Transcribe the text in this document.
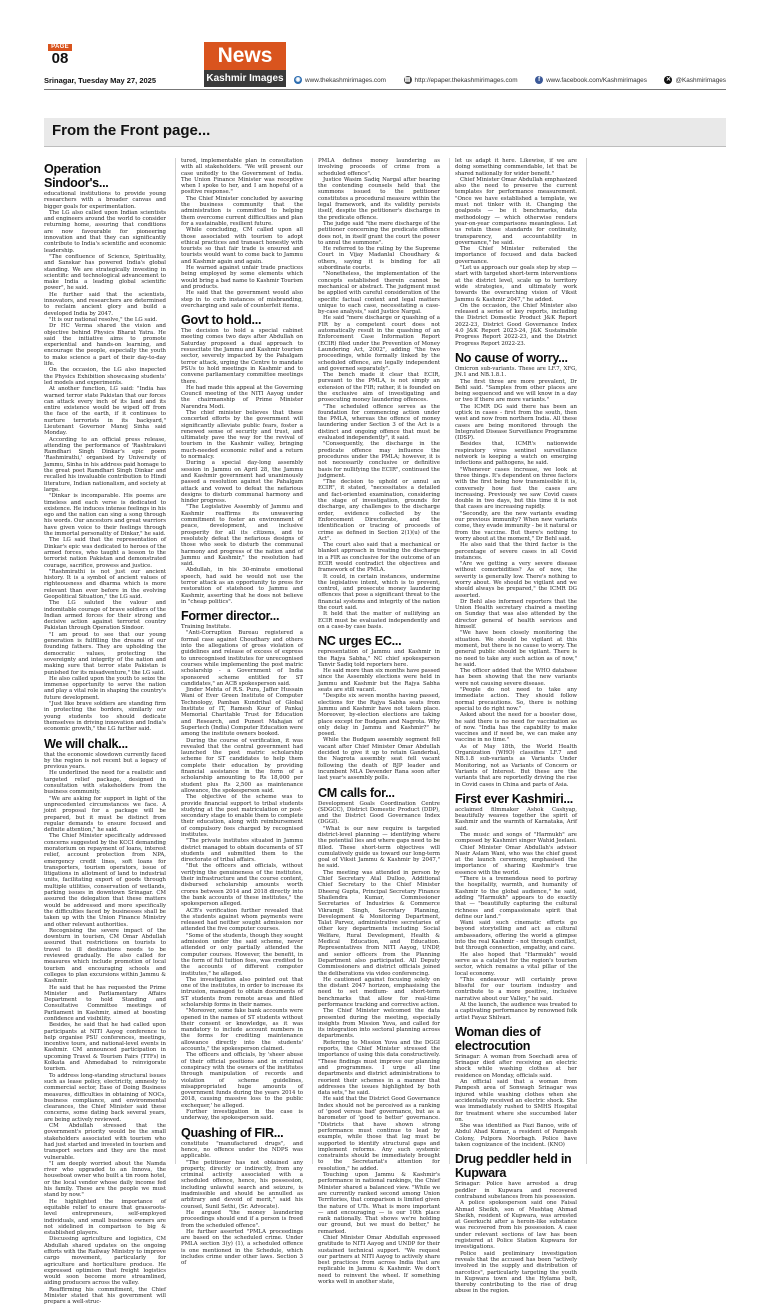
PAGE
08	News
Kashmir Images
Srinagar, Tuesday May 27, 2025	◉ www.thekashmirimages.com	▤ http://epaper.thekashmirimages.com	f www.facebook.com/Kashmirimages	✕ @Kashmirimages
From the Front page...
Operation Sindoor's...

educational institutions to provide young researchers with a broader canvas and bigger goals for experimentation.

The LG also called upon Indian scientists and engineers around the world to consider returning home, assuring that conditions are now favourable for pioneering innovation and that they can significantly contribute to India's scientific and economic leadership.

"The confluence of Science, Spirituality, and Sanskar has powered India's global standing. We are strategically investing in scientific and technological advancement to make India a leading global scientific power", he said.

He further said that the scientists, innovators, and researchers are determined to reclaim ancient glory and build a developed India by 2047.

"It is our national resolve," the LG said.

Dr HC Verma shared the vision and objective behind Physics Bharat Yatra. He said the initiative aims to promote experiential and hands-on learning, and encourage the people, especially the youth to make science a part of their day-to-day life.

On the occasion, the LG also inspected the Physics Exhibition showcasing students' led models and experiments.

At another function, LG said: "India has warned terror state Pakistan that our forces can attack every inch of its land and its entire existence would be wiped off from the face of the earth, if it continues to nurture terrorists in its backyard," Lieutenant Governor Manoj Sinha said Monday.

According to an official press release, attending the performance of 'Rashtrakavi Ramdhari Singh Dinkar's epic poem 'Rashmirathi,' organised by University of Jammu, Sinha in his address paid homage to the great poet Ramdhari Singh Dinkar and recalled his invaluable contribution to Hindi literature, Indian nationalism, and society at large.

"Dinkar is incomparable. His poems are timeless and each verse is dedicated to existence. He induces intense feelings in his ego and the nation can sing a song through his words. Our ancestors and great warriors have given voice to their feelings through the immortal personality of Dinkar," he said.

The LG said that the representation of Dinkar's epic was dedicated to heroes of the armed forces, who taught a lesson to the terrorist nation Pakistan and demonstrated courage, sacrifice, prowess and justice.

"Rashmirathi is not just our ancient history. It is a symbol of ancient values of righteousness and dharma which is more relevant than ever before in the evolving Geopolitical Situation," the LG said.

The LG saluted the valour and indomitable courage of brave soldiers of the Indian armed forces for their strong and decisive action against terrorist country Pakistan through Operation Sindoor.

"I am proud to see that our young generation is fulfilling the dreams of our founding fathers. They are upholding the democratic values, protecting the sovereignty and integrity of the nation and making sure that terror state Pakistan is punished for its misadventure," the LG said.

He also called upon the youth to seize the immense opportunity to serve the nation and play a vital role in shaping the country's future development.

"Just like brave soldiers are standing firm in protecting the borders, similarly our young students too should dedicate themselves in driving innovation and India's economic growth," the LG further said.

We will chalk...

that the economic slowdown currently faced by the region is not recent but a legacy of previous years.

He underlined the need for a realistic and targeted relief package, designed in consultation with stakeholders from the business community.

"We are asking for support in light of the unprecedented circumstances we face. A joint proposal for a package will be prepared, but it must be distinct from regular demands to ensure focused and definite attention," he said.

The Chief Minister specifically addressed concerns suggested by the KCCI demanding moratorium on repayment of loans, interest relief, account protection from NPA, emergency credit lines, soft loans for transporters, tourism operators, issue of litigations in allotment of land to industrial units, facilitating export of goods through multiple utilities, conservation of wetlands, parking issues in downtown Srinagar. CM assured the delegation that these matters would be addressed and more specifically the difficulties faced by businesses shall be taken up with the Union Finance Ministry and other relevant authorities.

Recognising the severe impact of the downturn in tourism, CM Omar Abdullah assured that restrictions on tourists to travel to ill destinations needs to be reviewed gradually. He also called for measures which include promotion of local tourism and encouraging schools and colleges to plan excursions within Jammu & Kashmir.

He said that he has requested the Prime Minister and Parliamentary Affairs Department to hold Standing and Consultative Committee meetings of Parliament in Kashmir, aimed at boosting confidence and visibility.

Besides, he said that he had called upon participants at NITI Aayog conference to help organise PSU conferences, meetings, incentive tours, and national-level events in Kashmir. CM announced participation in upcoming Travel & Tourism Fairs (TTFs) in Kolkata and Ahmedabad to reinvigorate tourism.

To address long-standing structural issues such as lease policy, electricity, amnesty to commercial sector, Ease of Doing Business measures, difficulties in obtaining of NOCs, business compliance, and environmental clearances, the Chief Minister said these concerns, some dating back several years, are being actively reviewed.

CM Abdullah stressed that the government's priority would be the small stakeholders associated with tourism who had just started and invested in tourism and transport sectors and they are the most vulnerable.

"I am deeply worried about the Namda river who upgraded to an Innova, the houseboat owner who built a tin room hotel, or the local vendor whose daily income fed his family. These are the people we must stand by now."

He highlighted the importance of equitable relief to ensure that grassroots-level entrepreneurs, self-employed individuals, and small business owners are not sidelined in comparison to big & established players.

Discussing agriculture and logistics, CM Abdullah shared updates on the ongoing efforts with the Railway Ministry to improve cargo movement, particularly for agriculture and horticulture produce. He expressed optimism that freight logistics would soon become more streamlined, aiding producers across the valley.

Reaffirming his commitment, the Chief Minister stated that his government will prepare a well-struc-

tured, implementable plan in consultation with all stakeholders. "We will present our case unitedly to the Government of India. The Union Finance Minister was receptive when I spoke to her, and I am hopeful of a positive response."

The Chief Minister concluded by assuring the business community that the administration is committed to helping them overcome current difficulties and plan for a sustainable, resilient future.

While concluding, CM called upon all those associated with tourism to adopt ethical practices and transact honestly with tourists so that fair trade is ensured and tourists would want to come back to Jammu and Kashmir again and again.

He warned against unfair trade practices being employed by some elements which would bring a bad name to Kashmir Tourism and products.

He said that the government would also step in to curb instances of misbranding, overcharging and sale of counterfeit items.

Govt to hold...

The decision to hold a special cabinet meeting comes two days after Abdullah on Saturday proposed a dual approach to resuscitate the Jammu and Kashmir tourism sector, severely impacted by the Pahalgam terror attack, urging the Centre to mandate PSUs to hold meetings in Kashmir and to convene parliamentary committee meetings there.

He had made this appeal at the Governing Council meeting of the NITI Aayog under the chairmanship of Prime Minister Narendra Modi.

The chief minister believes that these concerted efforts by the government will significantly alleviate public fears, foster a renewed sense of security and trust, and ultimately pave the way for the revival of tourism in the Kashmir valley, bringing much-needed economic relief and a return to normalcy.

During a special day-long assembly session in Jammu on April 28, the Jammu and Kashmir government had unanimously passed a resolution against the Pahalgam attack and vowed to defeat the nefarious designs to disturb communal harmony and hinder progress.

"The Legislative Assembly of Jammu and Kashmir reaffirms its unwavering commitment to foster an environment of peace, development, and inclusive prosperity for all its citizens, and to resolutely defeat the nefarious designs of those who seek to disturb the communal harmony and progress of the nation and of Jammu and Kashmir," the resolution had said.

Abdullah, in his 30-minute emotional speech, had said he would not use the terror attack as an opportunity to press for restoration of statehood to Jammu and Kashmir, asserting that he does not believe in "cheap politics".

Former director...

Training Institute.

"Anti-Corruption Bureau registered a formal case against Choudhary and others into the allegations of gross violation of guidelines and release of excess of express to unrecognised institutes for unrecognised courses while implementing the post matric scholarship - a Government of India sponsored scheme entitled for ST candidates," an ACB spokesperson said.

Jinder Mehta of R.S. Pura, Jaffer Hussain Wani of Ever Green Institute of Computer Technology, Pamban Kundrihal of Global Institute of IT, Ramesh Kour of Pankaj Memorial Charitable Trust for Education and Research, and Puneet Mahajan of Supertech (India) Computer Education were among the institute owners booked.

During the course of verification, it was revealed that the central government had launched the post matric scholarship scheme for ST candidates to help them complete their education by providing financial assistance in the form of a scholarship amounting to Rs 18,000 per student plus Rs 2,500 as maintenance allowance, the spokesperson said.

The objective of the scheme was to provide financial support to tribal students studying at the post matriculation or post-secondary stage to enable them to complete their education, along with reimbursement of compulsory fees charged by recognised institutes.

"The private institutes situated in Jammu district managed to obtain documents of ST students and submitted them to the directorate of tribal affairs.

"But the officers and officials, without verifying the genuineness of the institutes, their infrastructure and the course content, disbursed scholarship amounts worth crores between 2014 and 2018 directly into the bank accounts of these institutes," the spokesperson alleged.

ACB's verification further revealed that the students against whom payments were released had neither sought admission nor attended the five computer courses.

"Some of the students, though they sought admission under the said scheme, never attended or only partially attended the computer courses. However, the benefit, in the form of full tuition fees, was credited to the accounts of different computer institutes," he alleged.

The investigation also pointed out that one of the institutes, in order to increase its intrusion, managed to obtain documents of ST students from remote areas and filled scholarship forms in their names.

"Moreover, some fake bank accounts were opened in the names of ST students without their consent or knowledge, as it was mandatory to include account numbers in the forms for crediting maintenance allowance directly into the students' accounts," the spokesperson claimed.

The officers and officials, by 'sheer abuse of their official positions and in criminal conspiracy with the owners of the institutes through manipulation of records and violation of scheme guidelines, misappropriated huge amounts of government funds during the years 2014 to 2018, causing massive loss to the public exchequer,' he alleged.

Further investigation in the case is underway, the spokesperson said.

Quashing of FIR...

constitute "manufactured drugs", and hence, no offence under the NDPS was applicable.

"The petitioner has not obtained any property, directly or indirectly, from any criminal activity associated with a scheduled offence, hence, his possession, including unlawful search and seizure, is inadmissible and should be annulled as arbitrary and devoid of merit," said his counsel, Sunil Sethi, (Sr. Advocate).

He argued "the money laundering proceedings should end if a person is freed from the scheduled offence".

He further asserted "PMLA proceedings are based on the scheduled crime. Under PMLA section 3(y) (1), a scheduled offence is one mentioned in the Schedule, which includes crime under other laws. Section 3 of

PMLA defines money laundering as involving proceeds of crime from a scheduled offence".

Justice Wasim Sadiq Nargal after hearing the contending counsels held that the summons issued to the petitioner constitutes a procedural measure within the legal framework, and its validity persists itself, despite the petitioner's discharge in the predicate offence.

The judge said "the mere discharge of the petitioner concerning the predicate offence does not, in itself grant the court the power to annul the summons".

He referred to the ruling by the Supreme Court in Vijay Madanlal Choudhary & others, saying it is binding for all subordinate courts.

"Nonetheless, the implementation of the concepts established therein cannot be mechanical or abstract. The judgment must be applied with careful consideration of the specific factual context and legal matters unique to each case, necessitating a case-by-case analysis," said Justice Nargal.

He said "mere discharge or quashing of a FIR by a competent court does not automatically result in the quashing of an Enforcement Case Information Report (ECIR) filed under the Prevention of Money Laundering Act, 2002", adding "the two proceedings, while formally linked by the scheduled offence, are legally independent and governed separately".

The bench made it clear that ECIR, pursuant to the PMLA, is not simply an extension of the FIR; rather, it is founded on the exclusive aim of investigating and prosecuting money laundering offences.

"The scheduled offence serves as the foundation for commencing action under the PMLA, whereas the offence of money laundering under Section 3 of the Act is a distinct and ongoing offence that must be evaluated independently", it said.

"Consequently, the discharge in the predicate offence may influence the procedures under the PMLA; however, it is not necessarily conclusive or definitive basis for nullifying the ECIR", continued the judgment.

"The decision to uphold or annul an ECIR", it stated, "necessitates a detailed and fact-oriented examination, considering the stage of investigation, grounds for discharge, any challenges to the discharge order, evidence collected by the Enforcement Directorate, and the identification or tracing of proceeds of crime as defined in Section 2(1)(u) of the Act".

The court also said that a mechanical or blanket approach in treating the discharge in a FIR as conclusive for the outcome of an ECIR would contradict the objectives and framework of the PMLA.

It could, in certain instances, undermine the legislative intent, which is to prevent, control, and prosecute money laundering offences that pose a significant threat to the financial systems and integrity of the nation the court said.

It held that the matter of nullifying an ECIR must be evaluated independently and on a case-by case basis.

NC urges EC...

representation of Jammu and Kashmir in the Rajya Sabha," NC chief spokesperson Tanvir Sadiq told reporters here.

He said more than six months have passed since the Assembly elections were held in Jammu and Kashmir but the Rajya Sabha seats are still vacant.

"Despite six seven months having passed, elections for the Rajya Sabha seats from Jammu and Kashmir have not taken place. Moreover, by-election elections are taking place except for Budgam and Nagrota. Why only delay in Jammu and Kashmir?" he posed.

While the Budgam assembly segment fell vacant after Chief Minister Omar Abdullah decided to give it up to retain Ganderbal, the Nagrota assembly seat fell vacant following the death of BJP leader and incumbent MLA Devender Rana soon after last year's assembly polls.

CM calls for...

Development Goals Coordination Centre (SDGCC), District Domestic Product (DDP), and the District Good Governance Index (DGGI).

"What is our new require is targeted district-level planning — identifying where the potential lies and where gaps need to be filled. These short-term objectives will cumulatively guide us toward our long-term goal of Viksit Jammu & Kashmir by 2047," he said.

The meeting was attended in person by Chief Secretary Atal Dulloo, Additional Chief Secretary to the Chief Minister Dheeraj Gupta, Principal Secretary Finance Shailendra Kumar, Commissioner Secretaries of Industries & Commerce Vikramjit Singh, Secretary Planning, Development & Monitoring Department, Talat Parvez, administrative secretaries of other key departments including Social Welfare, Rural Development, Health & Medical Education, and Education. Representatives from NITI Aayog, UNDP, and senior officers from the Planning Department also participated. All Deputy Commissioners and district officials joined the deliberations via video conferencing.

He cautioned against focusing solely on the distant 2047 horizon, emphasising the need to set medium- and short-term benchmarks that allow for real-time performance tracking and corrective action.

The Chief Minister welcomed the data presented during the meeting, especially insights from Mission Yuva, and called for its integration into sectoral planning across departments.

Referring to Mission Yuva and the DGGI reports, the Chief Minister stressed the importance of using this data constructively. "These findings must improve our planning and programmes. I urge all line departments and district administrations to reorient their schemes in a manner that addresses the issues highlighted by both data sets," he said.

He said that the District Good Governance Index should not be perceived as a ranking of 'good versus bad' governance, but as a barometer of 'good to better' governance. "Districts that have shown strong performance must continue to lead by example, while those that lag must be supported to identify structural gaps and implement reforms. Any such systemic constraints should be immediately brought to the Secretariat's attention for resolution," he added.

Touching upon Jammu & Kashmir's performance in national rankings, the Chief Minister shared a balanced view. "While we are currently ranked second among Union Territories, that comparison is limited given the nature of UTs. What is more important — and encouraging — is our 10th place rank nationally. That shows we're holding our ground, but we must do better," he remarked.

Chief Minister Omar Abdullah expressed gratitude to NITI Aayog and UNDP for their sustained technical support. "We request our partners at NITI Aayog to actively share best practices from across India that are replicable in Jammu & Kashmir. We don't need to reinvent the wheel. If something works well in another state,

let us adapt it here. Likewise, if we are doing something commendable, let that be shared nationally for wider benefit."

Chief Minister Omar Abdullah emphasized also the need to preserve the current templates for performance measurement. "Once we have established a template, we must not tinker with it. Changing the goalposts — be it benchmarks, data methodology — which otherwise renders year-on-year comparisons meaningless. Let us retain these standards for continuity, transparency, and accountability in governance," he said.

The Chief Minister reiterated the importance of focused and data backed governance.

"Let us approach our goals step by step — start with targeted short-term interventions at the district level, scale up to territory wide strategies, and ultimately work towards the overarching vision of Viksit Jammu & Kashmir 2047," he added.

On the occasion, the Chief Minister also released a series of key reports, including the District Domestic Product J&K Report 2022-23, District Good Governance Index 4.0 J&K Report 2023-24, J&K Sustainable Progress Report 2022-23, and the District Progress Report 2022-23.

No cause of worry...

Omicron sub-variants. These are LF.7, XFG, JN.1 and NB.1.8.1.

The first three are more prevalent, Dr Behl said. "Samples from other places are being sequenced and we will know in a day or two if there are more variants."

The ICMR DG said there has been an uptick in cases - first from the south, then west and now from northern India. All these cases are being monitored through the Integrated Disease Surveillance Programme (IDSP).

Besides that, ICMR's nationwide respiratory virus sentinel surveillance network is keeping a watch on emerging infections and pathogens, he said.

"Whenever cases increase, we look at three things. It's dependent on three factors with the first being how transmissible it is, conversely how fast the cases are increasing. Previously we saw Covid cases double in two days, but this time it is not that cases are increasing rapidly.

"Secondly, are the new variants evading our previous immunity? When new variants come, they evade immunity - be it natural or from the vaccine. But there's nothing to worry about at the moment," Dr Behl said.

He also said that the third factor is the percentage of severe cases in all Covid instances.

"Are we getting a very severe disease without comorbidities? As of now, the severity is generally low. There's nothing to worry about. We should be vigilant and we should always be prepared," the ICMR DG asserted.

Dr Behl also informed reporters that the Union Health secretary chaired a meeting on Sunday that was also attended by the director general of health services and himself.

"We have been closely monitoring the situation. We should be vigilant at this moment, but there is no cause to worry. The general public should be vigilant. There is no need to take any such action as of now," he said.

The officer added that the WHO database has been showing that the new variants were not causing severe disease.

"People do not need to take any immediate action. They should follow normal precautions. So, there is nothing special to do right now."

Asked about the need for a booster dose, he said there is no need for vaccination as of now. "India has the capability to make vaccines and if need be, we can make any vaccine in no time."

As of May 18th, the World Health Organization (WHO) classifies LF.7 and NB.1.8 sub-variants as Variants Under Monitoring, not as Variants of Concern or Variants of Interest. But these are the variants that are reportedly driving the rise in Covid cases in China and parts of Asia.

First ever Kashmiri...

acclaimed filmmaker Ashok Cashyap, beautifully weaves together the spirit of Kashmir and the warmth of Karnataka, Arif said.

The music and songs of "Harmukh" are composed by Kashmiri singer Wahid Jeelani.

Chief Minister Omar Abdullah's advisor Nasir Aslam Wani, who was the chief guest at the launch ceremony, emphasised the importance of sharing Kashmir's true essence with the world.

"There is a tremendous need to portray the hospitality, warmth, and humanity of Kashmir to the global audience," he said, adding "Harmukh" appears to do exactly that — "beautifully capturing the cultural richness and compassionate spirit that define our land."

Wani said such cinematic efforts go beyond storytelling and act as cultural ambassadors, offering the world a glimpse into the real Kashmir - not through conflict, but through connection, empathy, and care.

He also hoped that "Harmukh" would serve as a catalyst for the region's tourism sector, which remains a vital pillar of the local economy.

"This endeavour will certainly prove blissful for our tourism industry and contribute to a more positive, inclusive narrative about our Valley," he said.

At the launch, the audience was treated to a captivating performance by renowned folk artist Fayaz Shilvari.

Woman dies of electrocution

Srinagar: A woman from Soechadi area of Srinagar died after receiving an electric shock while washing clothes at her residence on Monday, officials said.

An official said that a woman from Pampesh area of Sonwagh Srinagar was injured while washing clothes when she accidentally received an electric shock. She was immediately rushed to SMHS Hospital for treatment where she succumbed later on.

She was identified as Fazi Banoo, wife of Abdul Ahad Kumar, a resident of Pampesh Colony, Pulpora Noorbagh. Police have taken cognizance of the incident. (KNO)

Drug peddler held in Kupwara

Srinagar: Police have arrested a drug peddler in Kupwara and recovered contraband substances from his possession.

A police spokesperson said one Faisal Ahmad Sheikh, son of Mushtaq Ahmad Sheikh, resident of Kupwara, was arrested at Geerkuchi after a heroin-like substance was recovered from his possession. A case under relevant sections of law has been registered at Police Station Kupwara for investigations.

Police said preliminary investigation reveals that the accused has been "actively involved in the supply and distribution of narcotics", particularly targeting the youth in Kupwara town and the Hylama belt, thereby contributing to the rise of drug abuse in the region.
